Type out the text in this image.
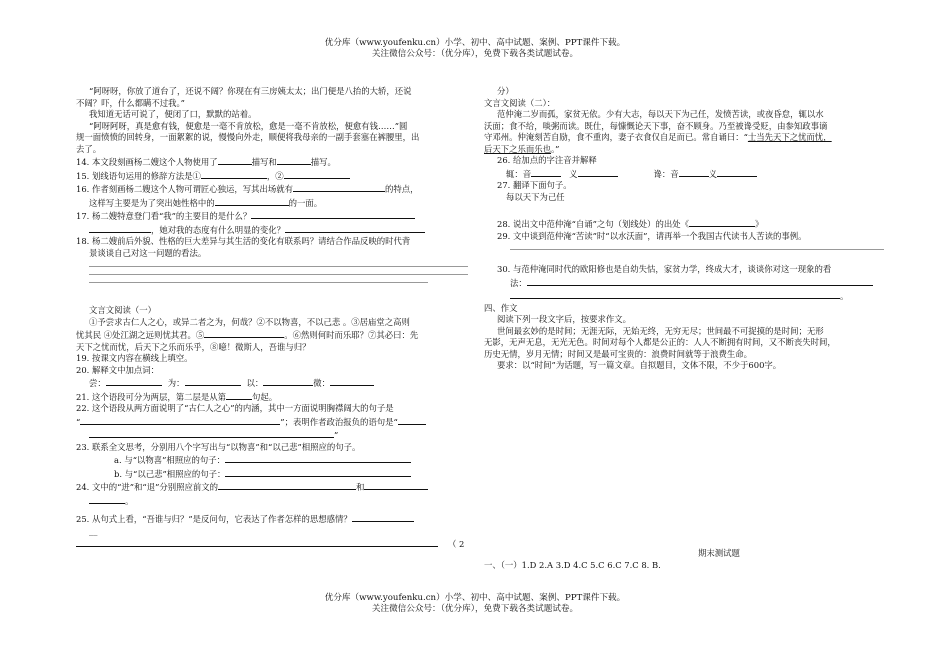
优分库（www.youfenku.cn）小学、初中、高中试题、案例、PPT课件下载。
关注微信公众号：（优分库），免费下载各类试题试卷。

“阿呀呀，你放了道台了，还说不阔？你现在有三房姨太太；出门便是八抬的大轿，还说

不阔？吓，什么都瞒不过我。”

我知道无话可说了，便闭了口，默默的站着。

“阿呀阿呀，真是愈有钱，便愈是一毫不肯放松，愈是一毫不肯放松，便愈有钱……”圆

规一面愤愤的回转身，一面絮絮的说，慢慢向外走，顺便将我母亲的一副手套塞在裤腰里，出

去了。

14. 本文段刻画杨二嫂这个人物使用了	描写和	描写。

15. 划线语句运用的修辞方法是①	，②

16. 作者刻画杨二嫂这个人物可谓匠心独运，写其出场就有	的特点，

这样写主要是为了突出她性格中的	的一面。

17. 杨二嫂特意登门看“我”的主要目的是什么？

，她对我的态度有什么明显的变化？

18. 杨二嫂前后外貌、性格的巨大差异与其生活的变化有联系吗？请结合作品反映的时代背

景谈谈自己对这一问题的看法。

文言文阅读（一）

①予尝求古仁人之心，或异二者之为，何哉？②不以物喜，不以己悲 。③居庙堂之高则

忧其民 ④处江湖之远则忧其君。⑤	。⑥然则何时而乐耶？⑦其必曰：先

天下之忧而忧，后天下之乐而乐乎，⑧噫！微斯人，吾谁与归？

19. 按课文内容在横线上填空。

20. 解释文中加点词：

尝：	为：	以：	微：

21. 这个语段可分为两层，第二层是从第	句起。

22. 这个语段从两方面说明了“古仁人之心”的内涵，其中一方面说明胸襟阔大的句子是

“	”；表明作者政治报负的语句是“

”

23. 联系全文思考，分别用八个字写出与“以物喜”和“以己悲”相照应的句子。

a. 与“以物喜”相照应的句子：

b. 与“以己悲”相照应的句子：

24. 文中的“进”和“退”分别照应前文的	和

。

25. 从句式上看，“吾谁与归？”是反问句，它表达了作者怎样的思想感情？

__

（ 2

分）

文言文阅读（二）：

范仲淹二岁而孤，家贫无依。少有大志，每以天下为己任，发愤苦读，或夜昏怠，辄以水

沃面；食不给，啖粥而读。既仕，每慷慨论天下事，奋不顾身。乃至被谗受贬，由参知政事谪

守邓州。仲淹刻苦自励，食不重肉，妻子衣食仅自足而已。常自诵曰：“士当先天下之忧而忧，

后天下之乐而乐也。”

26. 给加点的字注音并解释

辄：音	义	谗：音	义

27. 翻译下面句子。

每以天下为己任

28. 说出文中范仲淹“自诵”之句（划线处）的出处《	》

29. 文中谈到范仲淹“苦读”时“以水沃面”，请再举一个我国古代读书人苦读的事例。

30. 与范仲淹同时代的欧阳修也是自幼失怙，家贫力学，终成大才，谈谈你对这一现象的看

法：

。

四、作文

阅读下列一段文字后，按要求作文。

世间最玄妙的是时间；无涯无际，无始无终，无穷无尽；世间最不可捉摸的是时间；无形

无影，无声无息，无光无色。时间对每个人都是公正的：人人不断拥有时间，又不断丧失时间，

历史无情，岁月无情；时间又是最可宝贵的：浪费时间就等于浪费生命。

要求：以“时间”为话题，写一篇文章。自拟题目，文体不限，不少于600字。

期末测试题

一、（一）1.D 2.A 3.D 4.C 5.C 6.C 7.C 8. B.

优分库（www.youfenku.cn）小学、初中、高中试题、案例、PPT课件下载。
关注微信公众号：（优分库），免费下载各类试题试卷。
